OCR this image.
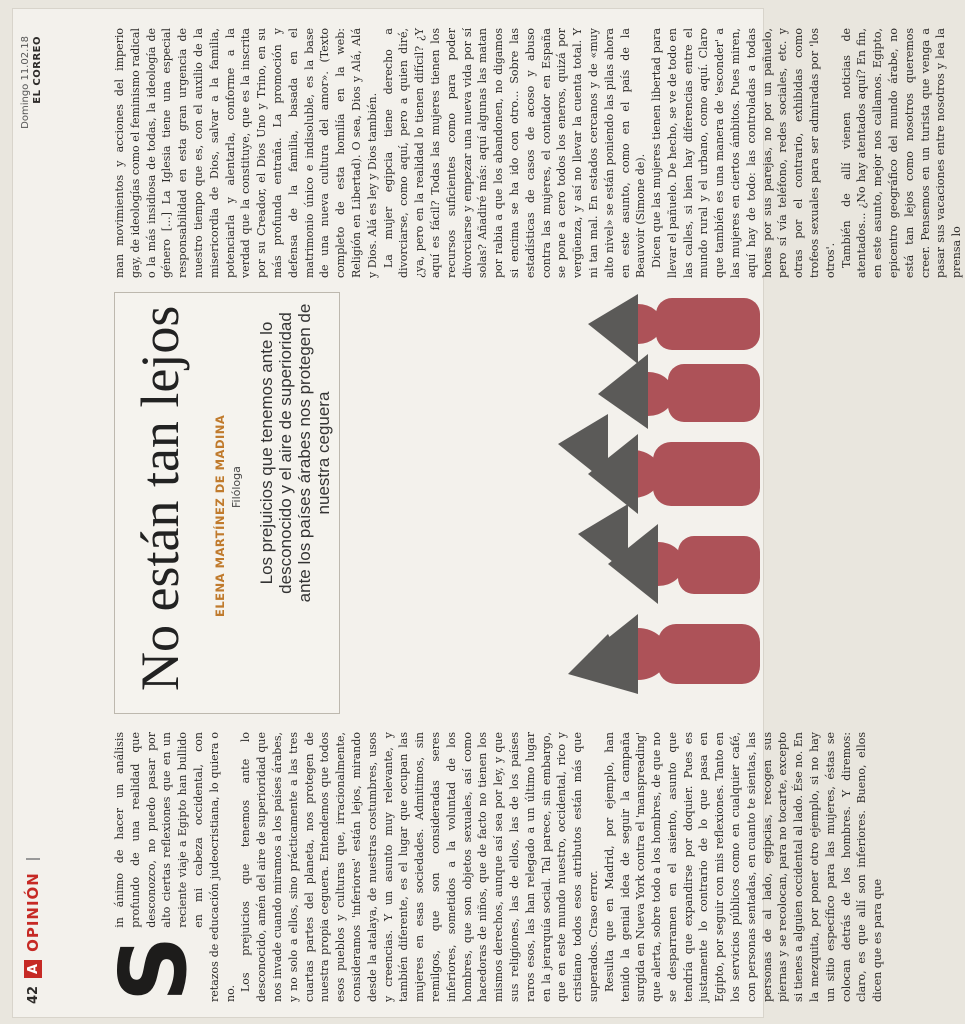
42
A
OPINIÓN
Domingo 11.02.18 EL CORREO
S

in ánimo de hacer un análisis profundo de una realidad que desconozco, no puedo pasar por alto ciertas reflexiones que en un reciente viaje a Egipto han bullido en mi cabeza occidental, con retazos de educación judeocristiana, lo quiera o no.

Los prejuicios que tenemos ante lo desconocido, amén del aire de superioridad que nos invade cuando miramos a los países árabes, y no solo a ellos, sino prácticamente a las tres cuartas partes del planeta, nos protegen de nuestra propia ceguera. Entendemos que todos esos pueblos y culturas que, irracionalmente, consideramos 'inferiores' están lejos, mirando desde la atalaya, de nuestras costumbres, usos y creencias. Y un asunto muy relevante, y también diferente, es el lugar que ocupan las mujeres en esas sociedades. Admitimos, sin remilgos, que son consideradas seres inferiores, sometidos a la voluntad de los hombres, que son objetos sexuales, así como hacedoras de niños, que de facto no tienen los mismos derechos, aunque así sea por ley, y que sus religiones, las de ellos, las de los países raros esos, las han relegado a un último lugar en la jerarquía social. Tal parece, sin embargo, que en este mundo nuestro, occidental, rico y cristiano todos esos atributos están más que superados. Craso error. Resulta que en Madrid, por ejemplo, han tenido la genial idea de seguir la campaña surgida en Nueva York contra el 'manspreading' que alerta, sobre todo a los hombres, de que no se desparramen en el asiento, asunto que tendría que expandirse por doquier. Pues es justamente lo contrario de lo que pasa en Egipto, por seguir con mis reflexiones. Tanto en los servicios públicos como en cualquier café, con personas sentadas, en cuanto te sientas, las personas de al lado, egipcias, recogen sus piernas y se recolocan, para no tocarte, excepto si tienes a alguien occidental al lado. Ése no. En la mezquita, por poner otro ejemplo, si no hay un sitio específico para las mujeres, éstas se colocan detrás de los hombres. Y diremos: claro, es que allí son inferiores. Bueno, ellos dicen que es para que

No están tan lejos ELENA MARTÍNEZ DE MADINA Filóloga Los prejuicios que tenemos ante lo desconocido y el aire de superioridad ante los países árabes nos protegen de nuestra ceguera

man movimientos y acciones del imperio gay, de ideologías como el feminismo radical o la más insidiosa de todas, la ideología de género [...] La Iglesia tiene una especial responsabilidad en esta gran urgencia de nuestro tiempo que es, con el auxilio de la misericordia de Dios, salvar a la familia, potenciarla y alentarla, conforme a la verdad que la constituye, que es la inscrita por su Creador, el Dios Uno y Trino, en su más profunda entraña. La promoción y defensa de la familia, basada en el matrimonio único e indisoluble, es la base de una nueva cultura del amor». (Texto completo de esta homilía en la web: Religión en Libertad). O sea, Dios y Alá, Alá y Dios. Alá es ley y Dios también. La mujer egipcia tiene derecho a divorciarse, como aquí, pero a quien diré, ¿ya, pero en la realidad lo tienen difícil? ¿Y aquí es fácil? Todas las mujeres tienen los recursos suficientes como para poder divorciarse y empezar una nueva vida por sí solas? Añadiré más: aquí algunas las matan por rabia a que los abandonen, no digamos si encima se ha ido con otro... Sobre las estadísticas de casos de acoso y abuso contra las mujeres, el contador en España se pone a cero todos los eneros, quizá por vergüenza, y así no llevar la cuenta total. Y ni tan mal. En estados cercanos y de «muy alto nivel» se están poniendo las pilas ahora en este asunto, como en el país de la Beauvoir (Simone de). Dicen que las mujeres tienen libertad para llevar el pañuelo. De hecho, se ve de todo en las calles, si bien hay diferencias entre el mundo rural y el urbano, como aquí. Claro que también es una manera de 'esconder' a las mujeres en ciertos ámbitos. Pues miren, aquí hay de todo: las controladas a todas horas por sus parejas, no por un pañuelo, pero sí vía teléfono, redes sociales, etc. y otras por el contrario, exhibidas como trofeos sexuales para ser admiradas por 'los otros'. También de allí vienen noticias de atentados... ¿No hay atentados aquí? En fin, en este asunto, mejor nos callamos. Egipto, epicentro geográfico del mundo árabe, no está tan lejos como nosotros queremos creer. Pensemos en un turista que venga a pasar sus vacaciones entre nosotros y lea la prensa lo
